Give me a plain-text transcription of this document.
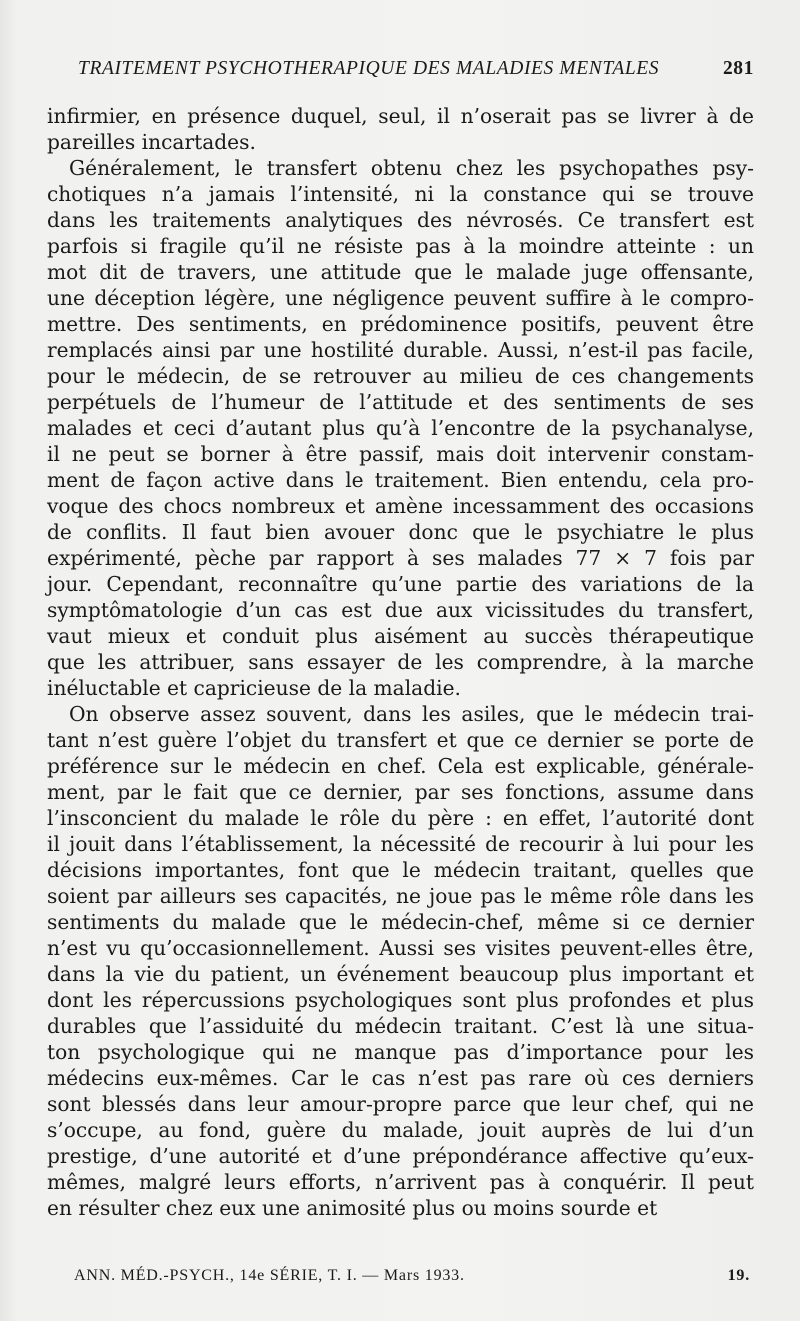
TRAITEMENT PSYCHOTHERAPIQUE DES MALADIES MENTALES	281
infirmier, en présence duquel, seul, il n’oserait pas se livrer à de
pareilles incartades.
Généralement, le transfert obtenu chez les psychopathes psy-
chotiques n’a jamais l’intensité, ni la constance qui se trouve
dans les traitements analytiques des névrosés. Ce transfert est
parfois si fragile qu’il ne résiste pas à la moindre atteinte : un
mot dit de travers, une attitude que le malade juge offensante,
une déception légère, une négligence peuvent suffire à le compro-
mettre. Des sentiments, en prédominence positifs, peuvent être
remplacés ainsi par une hostilité durable. Aussi, n’est-il pas facile,
pour le médecin, de se retrouver au milieu de ces changements
perpétuels de l’humeur de l’attitude et des sentiments de ses
malades et ceci d’autant plus qu’à l’encontre de la psychanalyse,
il ne peut se borner à être passif, mais doit intervenir constam-
ment de façon active dans le traitement. Bien entendu, cela pro-
voque des chocs nombreux et amène incessamment des occasions
de conflits. Il faut bien avouer donc que le psychiatre le plus
expérimenté, pèche par rapport à ses malades 77 × 7 fois par
jour. Cependant, reconnaître qu’une partie des variations de la
symptômatologie d’un cas est due aux vicissitudes du transfert,
vaut mieux et conduit plus aisément au succès thérapeutique
que les attribuer, sans essayer de les comprendre, à la marche
inéluctable et capricieuse de la maladie.
On observe assez souvent, dans les asiles, que le médecin trai-
tant n’est guère l’objet du transfert et que ce dernier se porte de
préférence sur le médecin en chef. Cela est explicable, générale-
ment, par le fait que ce dernier, par ses fonctions, assume dans
l’insconcient du malade le rôle du père : en effet, l’autorité dont
il jouit dans l’établissement, la nécessité de recourir à lui pour les
décisions importantes, font que le médecin traitant, quelles que
soient par ailleurs ses capacités, ne joue pas le même rôle dans les
sentiments du malade que le médecin-chef, même si ce dernier
n’est vu qu’occasionnellement. Aussi ses visites peuvent-elles être,
dans la vie du patient, un événement beaucoup plus important et
dont les répercussions psychologiques sont plus profondes et plus
durables que l’assiduité du médecin traitant. C’est là une situa-
ton psychologique qui ne manque pas d’importance pour les
médecins eux-mêmes. Car le cas n’est pas rare où ces derniers
sont blessés dans leur amour-propre parce que leur chef, qui ne
s’occupe, au fond, guère du malade, jouit auprès de lui d’un
prestige, d’une autorité et d’une prépondérance affective qu’eux-
mêmes, malgré leurs efforts, n’arrivent pas à conquérir. Il peut
en résulter chez eux une animosité plus ou moins sourde et
ANN. MÉD.-PSYCH., 14e SÉRIE, T. I. — Mars 1933.	19.
